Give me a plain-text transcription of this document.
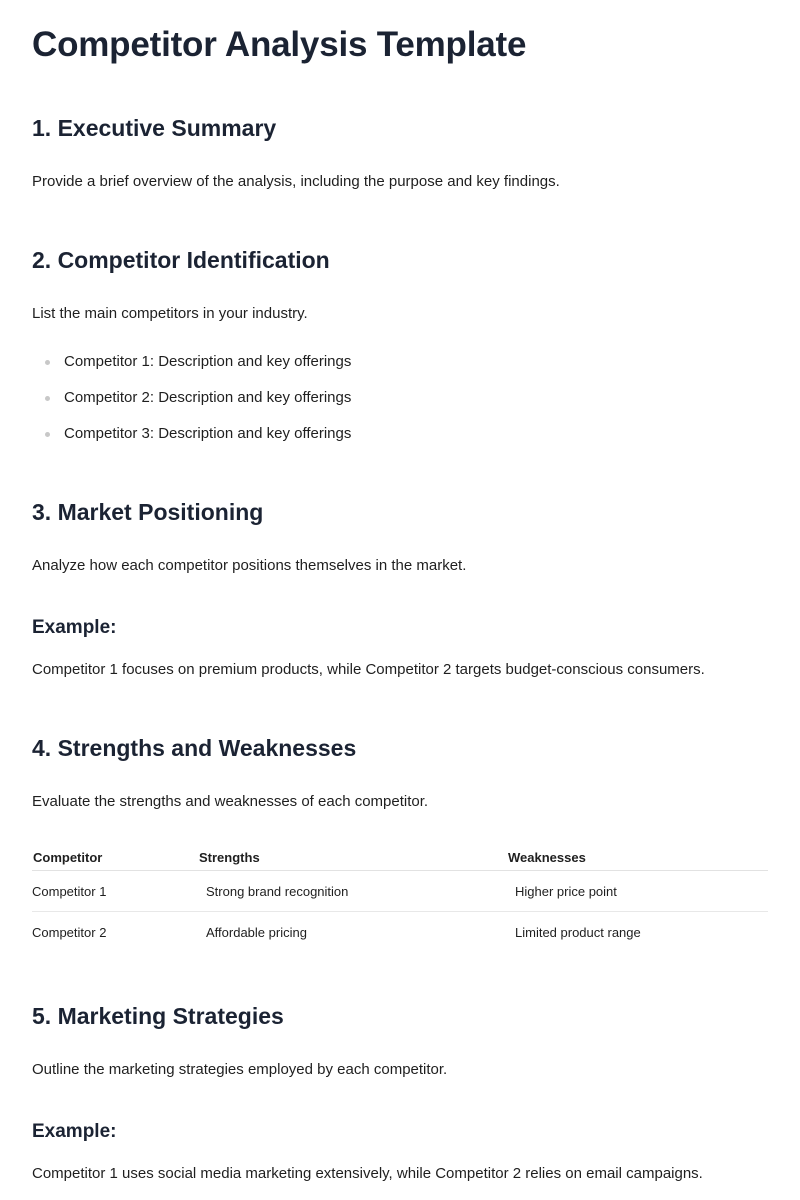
Competitor Analysis Template
1. Executive Summary

Provide a brief overview of the analysis, including the purpose and key findings.

2. Competitor Identification

List the main competitors in your industry.

Competitor 1: Description and key offerings
Competitor 2: Description and key offerings
Competitor 3: Description and key offerings
3. Market Positioning

Analyze how each competitor positions themselves in the market.

Example:

Competitor 1 focuses on premium products, while Competitor 2 targets budget-conscious consumers.

4. Strengths and Weaknesses

Evaluate the strengths and weaknesses of each competitor.

Competitor	Strengths	Weaknesses
Competitor 1	Strong brand recognition	Higher price point
Competitor 2	Affordable pricing	Limited product range
5. Marketing Strategies

Outline the marketing strategies employed by each competitor.

Example:

Competitor 1 uses social media marketing extensively, while Competitor 2 relies on email campaigns.
